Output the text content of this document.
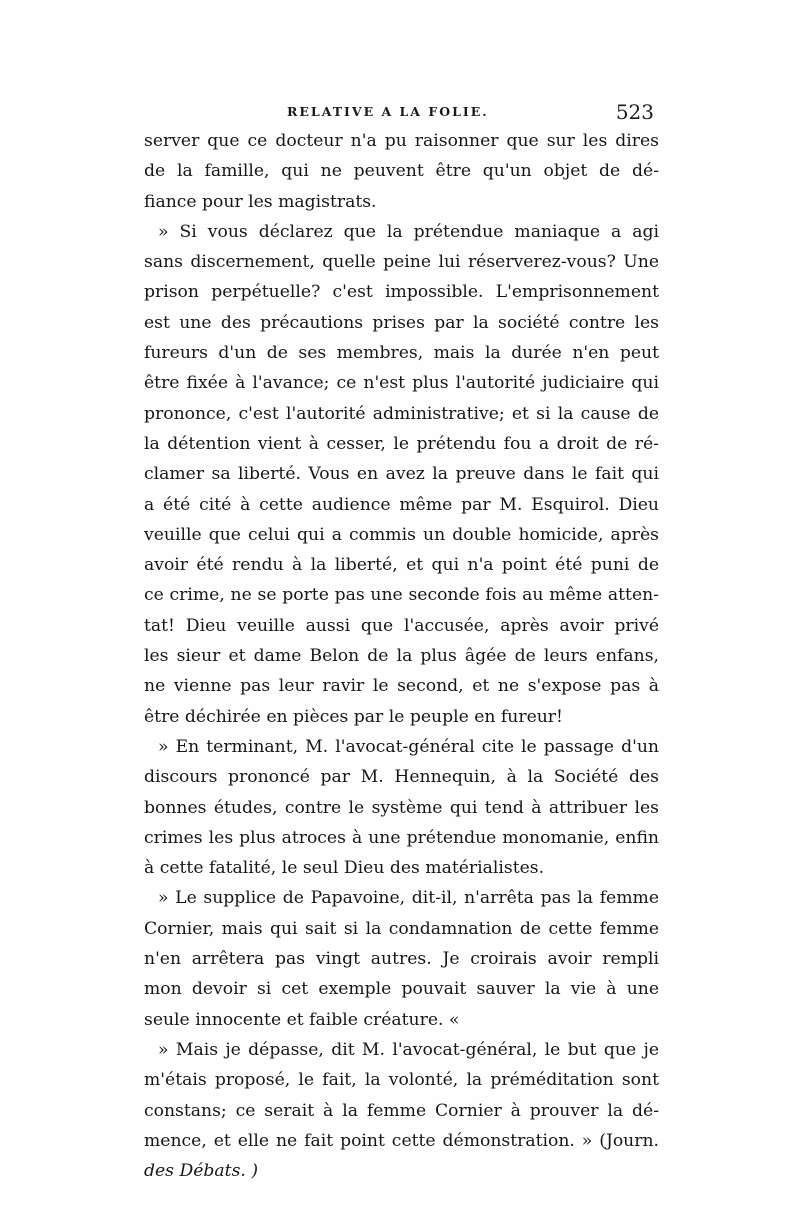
RELATIVE A LA FOLIE.	523
server que ce docteur n'a pu raisonner que sur les dires
de la famille, qui ne peuvent être qu'un objet de dé-
fiance pour les magistrats.
» Si vous déclarez que la prétendue maniaque a agi
sans discernement, quelle peine lui réserverez-vous? Une
prison perpétuelle? c'est impossible. L'emprisonnement
est une des précautions prises par la société contre les
fureurs d'un de ses membres, mais la durée n'en peut
être fixée à l'avance; ce n'est plus l'autorité judiciaire qui
prononce, c'est l'autorité administrative; et si la cause de
la détention vient à cesser, le prétendu fou a droit de ré-
clamer sa liberté. Vous en avez la preuve dans le fait qui
a été cité à cette audience même par M. Esquirol. Dieu
veuille que celui qui a commis un double homicide, après
avoir été rendu à la liberté, et qui n'a point été puni de
ce crime, ne se porte pas une seconde fois au même atten-
tat! Dieu veuille aussi que l'accusée, après avoir privé
les sieur et dame Belon de la plus âgée de leurs enfans,
ne vienne pas leur ravir le second, et ne s'expose pas à
être déchirée en pièces par le peuple en fureur!
» En terminant, M. l'avocat-général cite le passage d'un
discours prononcé par M. Hennequin, à la Société des
bonnes études, contre le système qui tend à attribuer les
crimes les plus atroces à une prétendue monomanie, enfin
à cette fatalité, le seul Dieu des matérialistes.
» Le supplice de Papavoine, dit-il, n'arrêta pas la femme
Cornier, mais qui sait si la condamnation de cette femme
n'en arrêtera pas vingt autres. Je croirais avoir rempli
mon devoir si cet exemple pouvait sauver la vie à une
seule innocente et faible créature. «
» Mais je dépasse, dit M. l'avocat-général, le but que je
m'étais proposé, le fait, la volonté, la préméditation sont
constans; ce serait à la femme Cornier à prouver la dé-
mence, et elle ne fait point cette démonstration. » (Journ.
des Débats. )
